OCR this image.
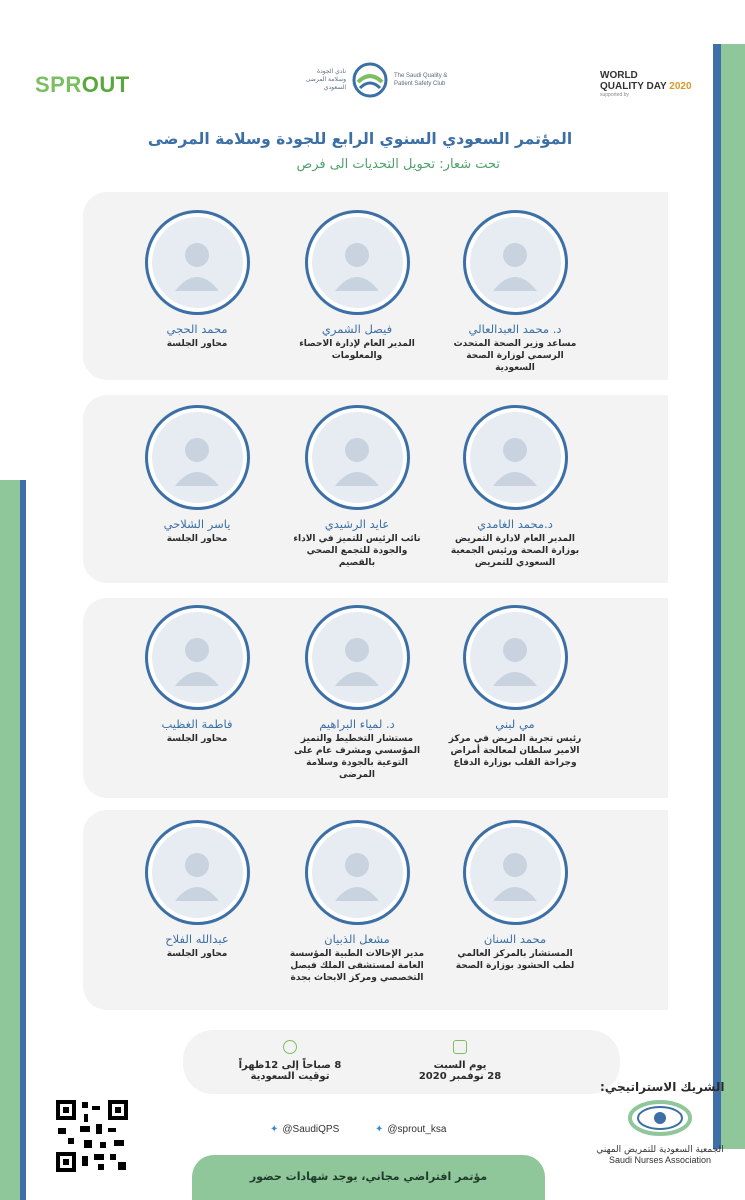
SPROUT
نادي الجودة وسلامة المرضى السعودي
The Saudi Quality & Patient Safety Club
WORLD
QUALITY DAY 2020
supported by
المؤتمر السعودي السنوي الرابع للجودة وسلامة المرضى
تحت شعار: تحويل التحديات الى فرص
د. محمد العبدالعالي
مساعد وزير الصحة المتحدث الرسمي لوزارة الصحة السعودية
فيصل الشمري
المدير العام لإدارة الاحصاء والمعلومات
محمد الحجي
محاور الجلسة
د.محمد الغامدي
المدير العام لادارة التمريض بوزارة الصحة ورئيس الجمعية السعودي للتمريض
عايد الرشيدي
نائب الرئيس للتميز في الاداء والجودة للتجمع الصحي بالقصيم
ياسر الشلاحي
محاور الجلسة
مي لبني
رئيس تجربة المريض في مركز الامير سلطان لمعالجة أمراض وجراحة القلب بوزارة الدفاع
د. لمياء البراهيم
مستشار التخطيط والتميز المؤسسي ومشرف عام على التوعية بالجودة وسلامة المرضى
فاطمة الغظيب
محاور الجلسة
محمد السنان
المستشار بالمركز العالمي لطب الحشود بوزارة الصحة
مشعل الذبيان
مدير الإحالات الطبية المؤسسة العامة لمستشفى الملك فيصل التخصصي ومركز الابحاث بجدة
عبدالله الفلاح
محاور الجلسة
يوم السبت
28 نوفمبر 2020
8 صباحاً إلى 12ظهراً
توقيت السعودية
الشريك الاستراتيجي:
الجمعية السعودية للتمريض المهني
Saudi Nurses Association
✦ @SaudiQPS	✦ @sprout_ksa
مؤتمر افتراضي مجاني، يوجد شهادات حضور
